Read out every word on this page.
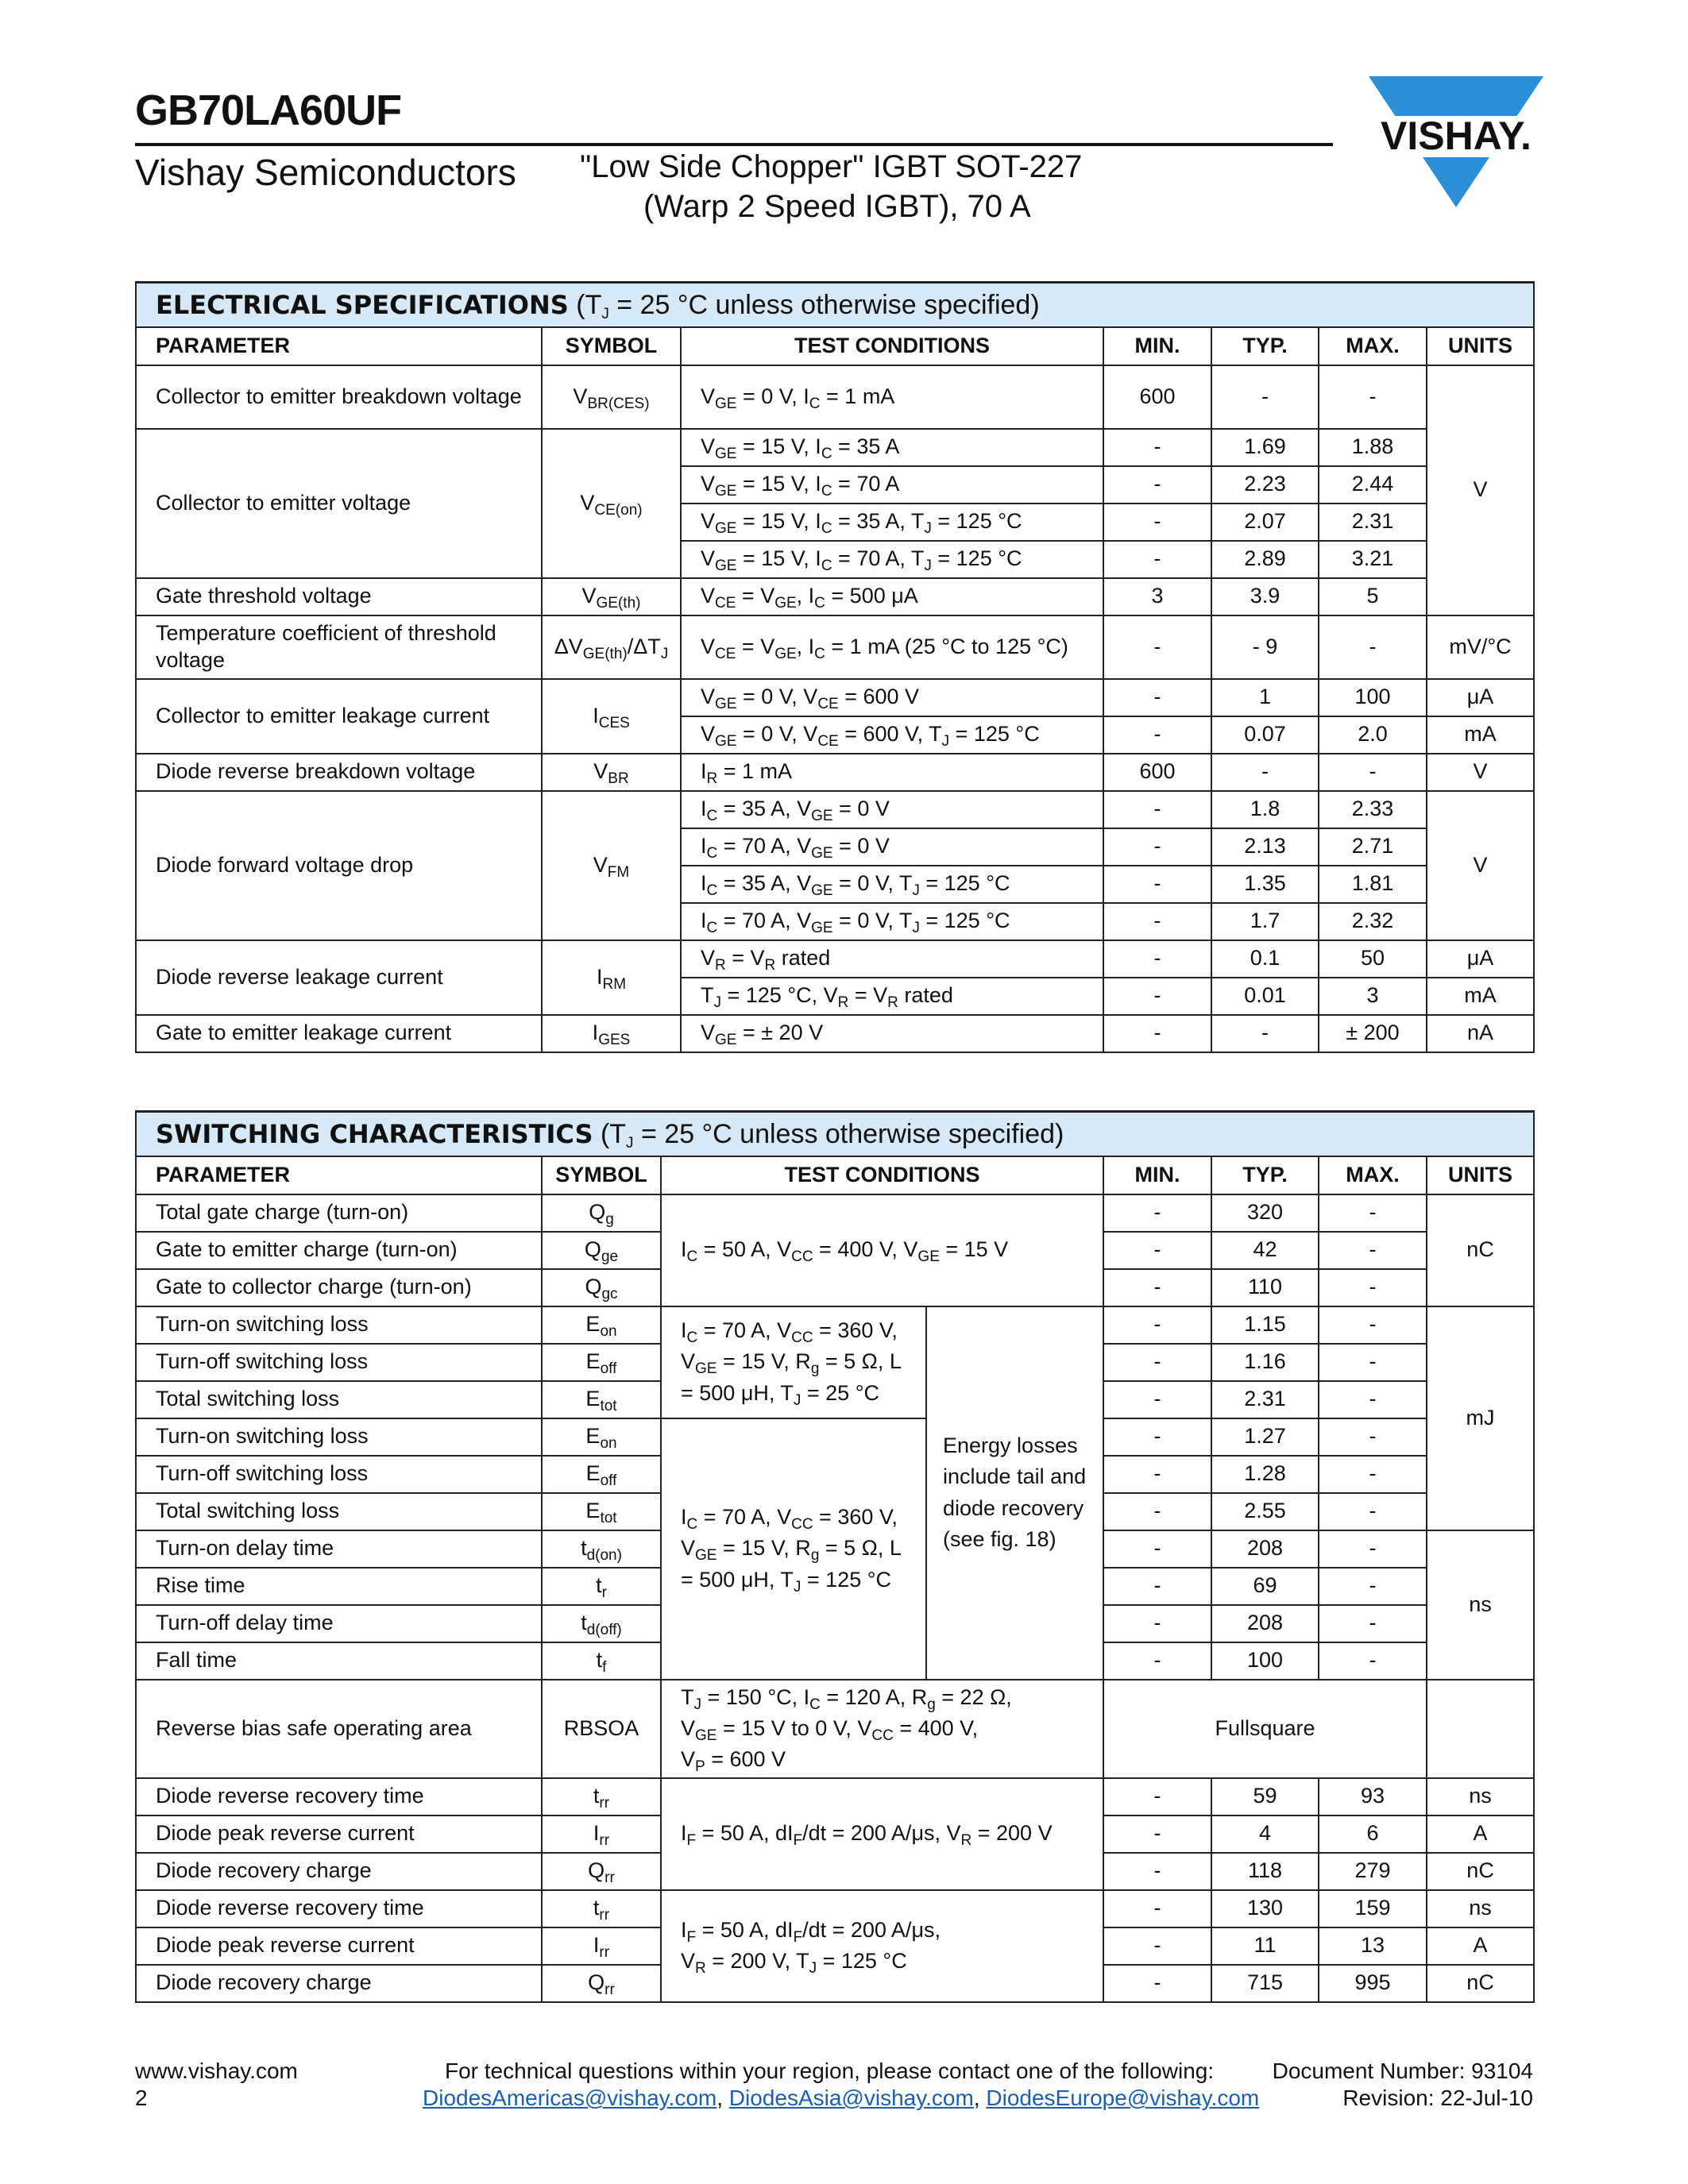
GB70LA60UF
Vishay Semiconductors "Low Side Chopper" IGBT SOT-227
(Warp 2 Speed IGBT), 70 A
VISHAY.
ELECTRICAL SPECIFICATIONS ($T_J = 25$ °C unless otherwise specified)						
PARAMETER	SYMBOL	TEST CONDITIONS	MIN.	TYP.	MAX.	UNITS
Collector to emitter breakdown voltage	$V_{BR(CES)}$	$V_{GE} = 0$ V, $I_C = 1$ mA	600	-	-	V
Collector to emitter voltage	$V_{CE(on)}$	$V_{GE} = 15$ V, $I_C = 35$ A	-	1.69	1.88	
		$V_{GE} = 15$ V, $I_C = 70$ A	-	2.23	2.44	
		$V_{GE} = 15$ V, $I_C = 35$ A, $T_J = 125$ °C	-	2.07	2.31	
		$V_{GE} = 15$ V, $I_C = 70$ A, $T_J = 125$ °C	-	2.89	3.21	
Gate threshold voltage	$V_{GE(th)}$	$V_{CE} = V_{GE}$, $I_C = 500$ μA	3	3.9	5	
Temperature coefficient of threshold voltage	$\Delta V_{GE(th)}/\Delta T_J$	$V_{CE} = V_{GE}$, $I_C = 1$ mA (25 °C to 125 °C)	-	- 9	-	mV/°C
Collector to emitter leakage current	$I_{CES}$	$V_{GE} = 0$ V, $V_{CE} = 600$ V	-	1	100	μA
		$V_{GE} = 0$ V, $V_{CE} = 600$ V, $T_J = 125$ °C	-	0.07	2.0	mA
Diode reverse breakdown voltage	$V_{BR}$	$I_R = 1$ mA	600	-	-	V
Diode forward voltage drop	$V_{FM}$	$I_C = 35$ A, $V_{GE} = 0$ V	-	1.8	2.33	V
		$I_C = 70$ A, $V_{GE} = 0$ V	-	2.13	2.71	
		$I_C = 35$ A, $V_{GE} = 0$ V, $T_J = 125$ °C	-	1.35	1.81	
		$I_C = 70$ A, $V_{GE} = 0$ V, $T_J = 125$ °C	-	1.7	2.32	
Diode reverse leakage current	$I_{RM}$	$V_R = V_R$ rated	-	0.1	50	μA
		$T_J = 125$ °C, $V_R = V_R$ rated	-	0.01	3	mA
Gate to emitter leakage current	$I_{GES}$	$V_{GE}$ = ± 20 V	-	-	± 200	nA
SWITCHING CHARACTERISTICS ($T_J = 25$ °C unless otherwise specified)							
PARAMETER	SYMBOL	TEST CONDITIONS		MIN.	TYP.	MAX.	UNITS
Total gate charge (turn-on)	$Q_g$	$I_C = 50$ A, $V_{CC} = 400$ V, $V_{GE} = 15$ V		-	320	-	nC
Gate to emitter charge (turn-on)	$Q_{ge}$			-	42	-	
Gate to collector charge (turn-on)	$Q_{gc}$			-	110	-	
Turn-on switching loss	$E_{on}$	$I_C = 70$ A, $V_{CC} = 360$ V, $V_{GE} = 15$ V, $R_g = 5$ Ω, L = 500 μH, $T_J = 25$ °C	Energy losses include tail and diode recovery (see fig. 18)	-	1.15	-	mJ
Turn-off switching loss	$E_{off}$			-	1.16	-	
Total switching loss	$E_{tot}$			-	2.31	-	
Turn-on switching loss	$E_{on}$	$I_C = 70$ A, $V_{CC} = 360$ V, $V_{GE} = 15$ V, $R_g = 5$ Ω, L = 500 μH, $T_J = 125$ °C		-	1.27	-	
Turn-off switching loss	$E_{off}$			-	1.28	-	
Total switching loss	$E_{tot}$			-	2.55	-	
Turn-on delay time	$t_{d(on)}$			-	208	-	ns
Rise time	$t_r$			-	69	-	
Turn-off delay time	$t_{d(off)}$			-	208	-	
Fall time	$t_f$			-	100	-	
Reverse bias safe operating area	RBSOA	$T_J = 150$ °C, $I_C = 120$ A, $R_g = 22$ Ω,
$V_{GE} = 15$ V to 0 V, $V_{CC} = 400$ V,
$V_P = 600$ V		Fullsquare			
Diode reverse recovery time	$t_{rr}$	$I_F = 50$ A, $dI_F/dt = 200$ A/μs, $V_R = 200$ V		-	59	93	ns
Diode peak reverse current	$I_{rr}$			-	4	6	A
Diode recovery charge	$Q_{rr}$			-	118	279	nC
Diode reverse recovery time	$t_{rr}$	$I_F = 50$ A, $dI_F/dt = 200$ A/μs,
$V_R = 200$ V, $T_J = 125$ °C		-	130	159	ns
Diode peak reverse current	$I_{rr}$			-	11	13	A
Diode recovery charge	$Q_{rr}$			-	715	995	nC
www.vishay.com
2
For technical questions within your region, please contact one of the following:
DiodesAmericas@vishay.com, DiodesAsia@vishay.com, DiodesEurope@vishay.com
Document Number: 93104
Revision: 22-Jul-10
